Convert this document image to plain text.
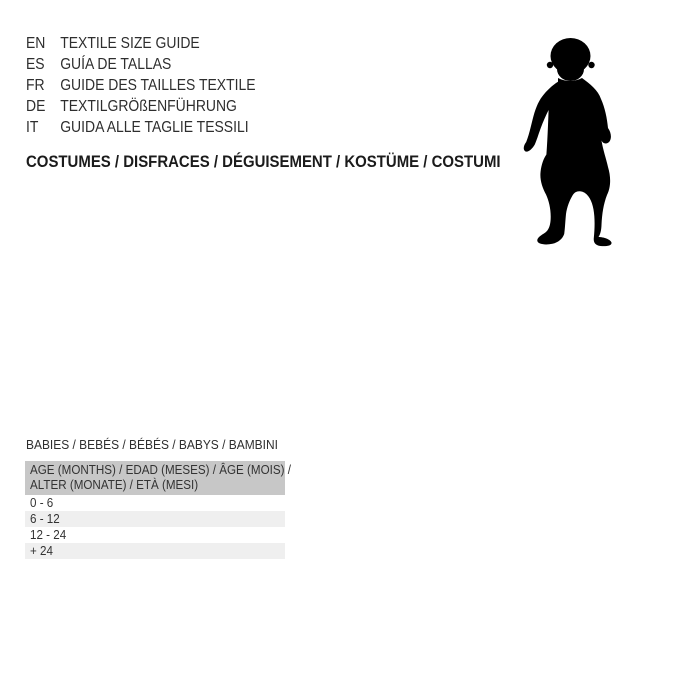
EN TEXTILE SIZE GUIDE
ES	GUÍA DE TALLAS
FR	GUIDE DES TAILLES TEXTILE
DE TEXTILGRÖßENFÜHRUNG
IT	GUIDA ALLE TAGLIE TESSILI
COSTUMES / DISFRACES / DÉGUISEMENT / KOSTÜME / COSTUMI
BABIES / BEBÉS / BÉBÉS / BABYS / BAMBINI
AGE (MONTHS) / EDAD (MESES) / ÂGE (MOIS) /
ALTER (MONATE) / ETÀ (MESI)
0 - 6
6 - 12
12 - 24
+ 24
